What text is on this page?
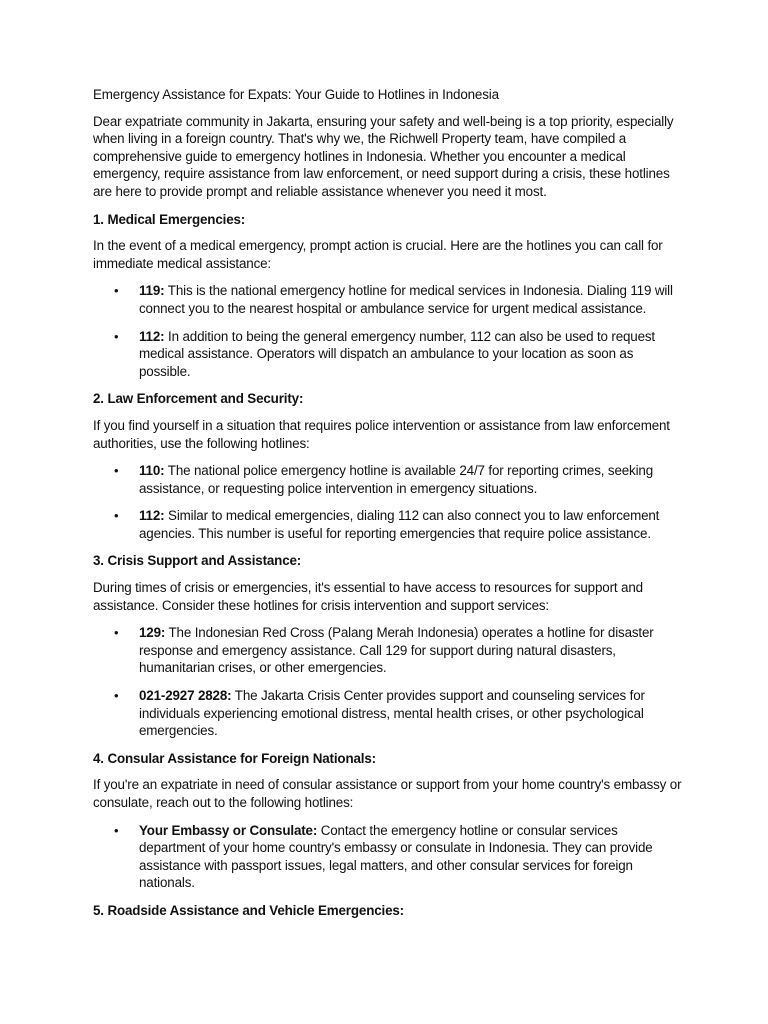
Emergency Assistance for Expats: Your Guide to Hotlines in Indonesia

Dear expatriate community in Jakarta, ensuring your safety and well-being is a top priority, especially when living in a foreign country. That's why we, the Richwell Property team, have compiled a comprehensive guide to emergency hotlines in Indonesia. Whether you encounter a medical emergency, require assistance from law enforcement, or need support during a crisis, these hotlines are here to provide prompt and reliable assistance whenever you need it most.

1. Medical Emergencies:

In the event of a medical emergency, prompt action is crucial. Here are the hotlines you can call for immediate medical assistance:

• 119: This is the national emergency hotline for medical services in Indonesia. Dialing 119 will connect you to the nearest hospital or ambulance service for urgent medical assistance.
• 112: In addition to being the general emergency number, 112 can also be used to request medical assistance. Operators will dispatch an ambulance to your location as soon as possible.

2. Law Enforcement and Security:

If you find yourself in a situation that requires police intervention or assistance from law enforcement authorities, use the following hotlines:

• 110: The national police emergency hotline is available 24/7 for reporting crimes, seeking assistance, or requesting police intervention in emergency situations.
• 112: Similar to medical emergencies, dialing 112 can also connect you to law enforcement agencies. This number is useful for reporting emergencies that require police assistance.

3. Crisis Support and Assistance:

During times of crisis or emergencies, it's essential to have access to resources for support and assistance. Consider these hotlines for crisis intervention and support services:

• 129: The Indonesian Red Cross (Palang Merah Indonesia) operates a hotline for disaster response and emergency assistance. Call 129 for support during natural disasters, humanitarian crises, or other emergencies.
• 021-2927 2828: The Jakarta Crisis Center provides support and counseling services for individuals experiencing emotional distress, mental health crises, or other psychological emergencies.

4. Consular Assistance for Foreign Nationals:

If you're an expatriate in need of consular assistance or support from your home country's embassy or consulate, reach out to the following hotlines:

• Your Embassy or Consulate: Contact the emergency hotline or consular services department of your home country's embassy or consulate in Indonesia. They can provide assistance with passport issues, legal matters, and other consular services for foreign nationals.

5. Roadside Assistance and Vehicle Emergencies:
